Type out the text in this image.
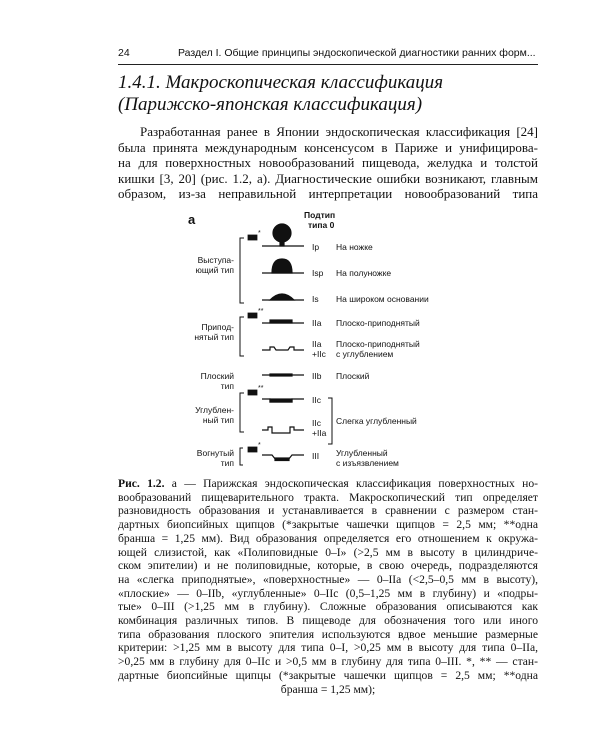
24	Раздел I. Общие принципы эндоскопической диагностики ранних форм...
1.4.1. Макроскопическая классификация
(Парижско-японская классификация)
Разработанная ранее в Японии эндоскопическая классификация [24]
была принята международным консенсусом в Париже и унифицирова-
на для поверхностных новообразований пищевода, желудка и толстой
кишки [3, 20] (рис. 1.2, а). Диагностические ошибки возникают, главным
образом, из-за неправильной интерпретации новообразований типа
а	Подтип
типа 0
Выступа-
ющий тип
Припод-
нятый тип
Плоский
тип
Углублен-
ный тип
Вогнутый
тип
*
**
**
*
Ip
Isp
Is
IIa
IIa
+IIc
IIb
IIc
IIc
+IIa
III
На ножке
На полуножке
На широком основании
Плоско-приподнятый
Плоско-приподнятый
с углублением
Плоский
Слегка углубленный
Углубленный
с изъязвлением
Рис. 1.2. а — Парижская эндоскопическая классификация поверхностных но-
вообразований пищеварительного тракта. Макроскопический тип определяет
разновидность образования и устанавливается в сравнении с размером стан-
дартных биопсийных щипцов (*закрытые чашечки щипцов = 2,5 мм; **одна
бранша = 1,25 мм). Вид образования определяется его отношением к окружа-
ющей слизистой, как «Полиповидные 0–I» (>2,5 мм в высоту в цилиндриче-
ском эпителии) и не полиповидные, которые, в свою очередь, подразделяются
на «слегка приподнятые», «поверхностные» — 0–IIa (<2,5–0,5 мм в высоту),
«плоские» — 0–IIb, «углубленные» 0–IIc (0,5–1,25 мм в глубину) и «подры-
тые» 0–III (>1,25 мм в глубину). Сложные образования описываются как
комбинация различных типов. В пищеводе для обозначения того или иного
типа образования плоского эпителия используются вдвое меньшие размерные
критерии: >1,25 мм в высоту для типа 0–I, >0,25 мм в высоту для типа 0–IIa,
>0,25 мм в глубину для 0–IIc и >0,5 мм в глубину для типа 0–III. *, ** — стан-
дартные биопсийные щипцы (*закрытые чашечки щипцов = 2,5 мм; **одна
бранша = 1,25 мм);
